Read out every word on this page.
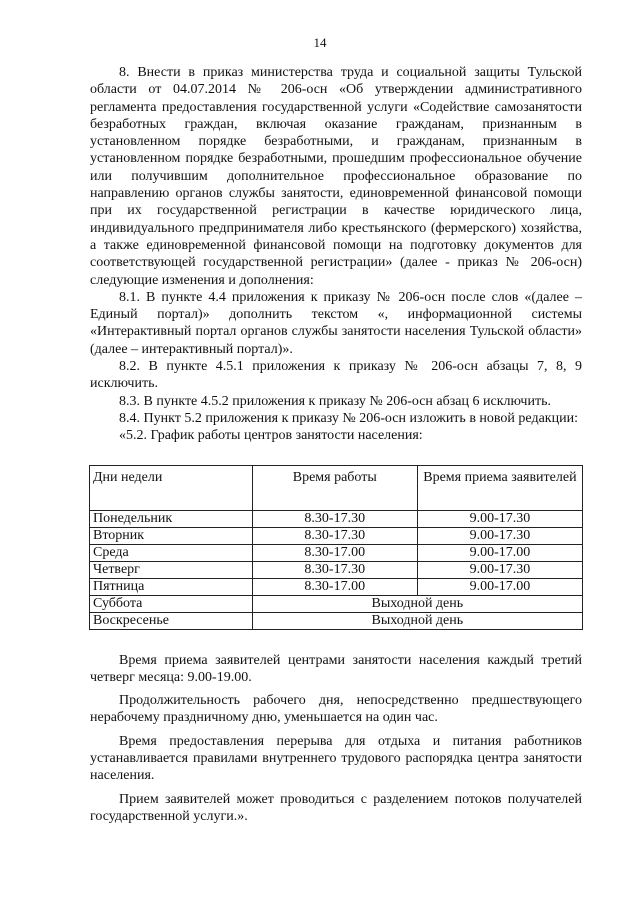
14

8. Внести в приказ министерства труда и социальной защиты Тульской области от 04.07.2014 № 206-осн «Об утверждении административного регламента предоставления государственной услуги «Содействие самозанятости безработных граждан, включая оказание гражданам, признанным в установленном порядке безработными, и гражданам, признанным в установленном порядке безработными, прошедшим профессиональное обучение или получившим дополнительное профессиональное образование по направлению органов службы занятости, единовременной финансовой помощи при их государственной регистрации в качестве юридического лица, индивидуального предпринимателя либо крестьянского (фермерского) хозяйства, а также единовременной финансовой помощи на подготовку документов для соответствующей государственной регистрации» (далее - приказ № 206-осн) следующие изменения и дополнения:

8.1. В пункте 4.4 приложения к приказу № 206-осн после слов «(далее – Единый портал)» дополнить текстом «, информационной системы «Интерактивный портал органов службы занятости населения Тульской области» (далее – интерактивный портал)».

8.2. В пункте 4.5.1 приложения к приказу № 206-осн абзацы 7, 8, 9 исключить.

8.3. В пункте 4.5.2 приложения к приказу № 206-осн абзац 6 исключить.

8.4. Пункт 5.2 приложения к приказу № 206-осн изложить в новой редакции:

«5.2. График работы центров занятости населения:

Дни недели	Время работы	Время приема заявителей
Понедельник	8.30-17.30	9.00-17.30
Вторник	8.30-17.30	9.00-17.30
Среда	8.30-17.00	9.00-17.00
Четверг	8.30-17.30	9.00-17.30
Пятница	8.30-17.00	9.00-17.00
Суббота	Выходной день	
Воскресенье	Выходной день	

Время приема заявителей центрами занятости населения каждый третий четверг месяца: 9.00-19.00.

Продолжительность рабочего дня, непосредственно предшествующего нерабочему праздничному дню, уменьшается на один час.

Время предоставления перерыва для отдыха и питания работников устанавливается правилами внутреннего трудового распорядка центра занятости населения.

Прием заявителей может проводиться с разделением потоков получателей государственной услуги.».
